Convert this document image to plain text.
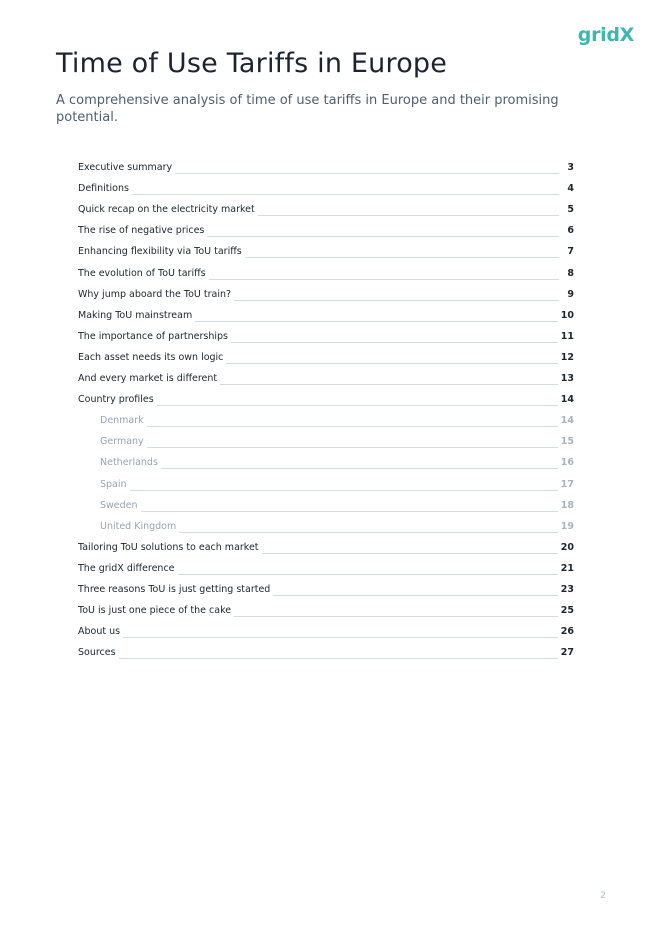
gridX
Time of Use Tariffs in Europe

A comprehensive analysis of time of use tariffs in Europe and their promising potential.

Executive summary	3
Definitions	4
Quick recap on the electricity market	5
The rise of negative prices	6
Enhancing flexibility via ToU tariffs	7
The evolution of ToU tariffs	8
Why jump aboard the ToU train?	9
Making ToU mainstream	10
The importance of partnerships	11
Each asset needs its own logic	12
And every market is different	13
Country profiles	14
Denmark	14
Germany	15
Netherlands	16
Spain	17
Sweden	18
United Kingdom	19
Tailoring ToU solutions to each market	20
The gridX difference	21
Three reasons ToU is just getting started	23
ToU is just one piece of the cake	25
About us	26
Sources	27
2
